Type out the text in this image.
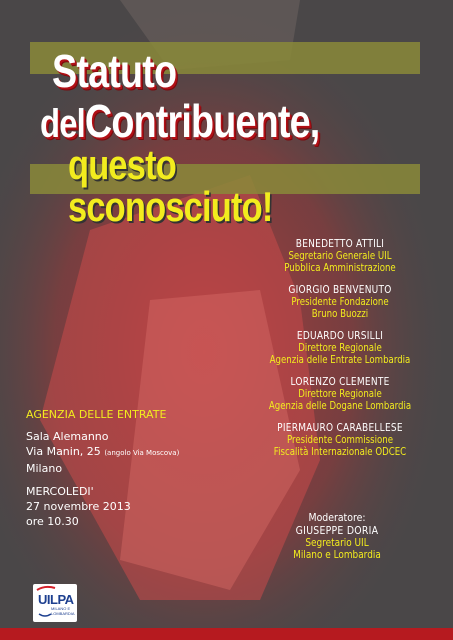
Statuto
delContribuente,
questo sconosciuto!
BENEDETTO ATTILI
Segretario Generale UIL
Pubblica Amministrazione
GIORGIO BENVENUTO
Presidente Fondazione
Bruno Buozzi
EDUARDO URSILLI
Direttore Regionale
Agenzia delle Entrate Lombardia
LORENZO CLEMENTE
Direttore Regionale
Agenzia delle Dogane Lombardia
PIERMAURO CARABELLESE
Presidente Commissione
Fiscalità Internazionale ODCEC
AGENZIA DELLE ENTRATE
Sala Alemanno
Via Manin, 25 (angolo Via Moscova)
Milano
MERCOLEDI'
27 novembre 2013
ore 10.30	Moderatore:
GIUSEPPE DORIA
Segretario UIL
Milano e Lombardia
UILPA
MILANO E
LOMBARDIA
